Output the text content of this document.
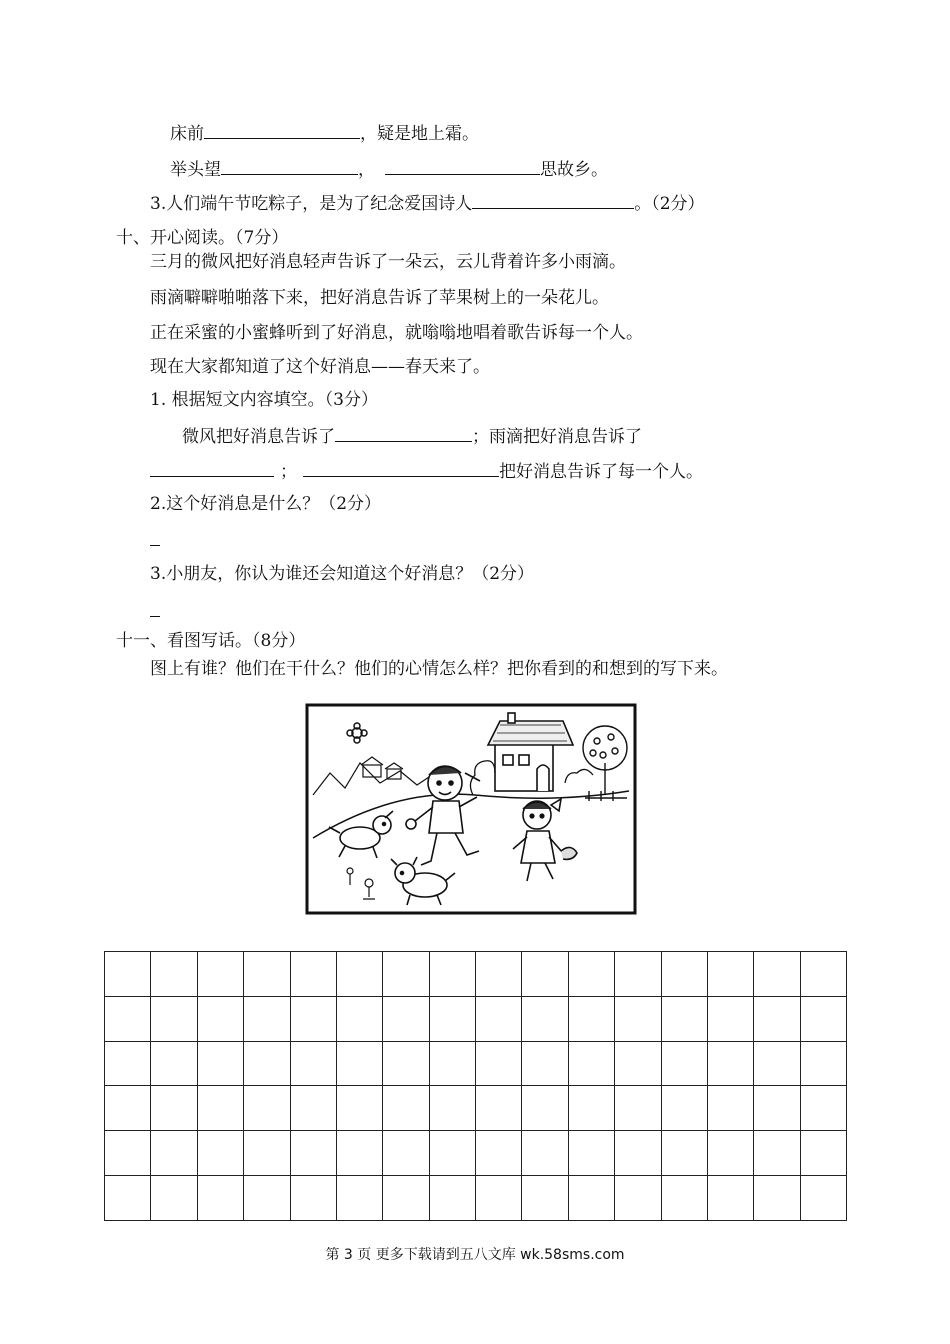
床前	，疑是地上霜。
举头望	，	思故乡。
3.人们端午节吃粽子，是为了纪念爱国诗人	。（2分）
十、开心阅读。（7分）
三月的微风把好消息轻声告诉了一朵云，云儿背着许多小雨滴。
雨滴噼噼啪啪落下来，把好消息告诉了苹果树上的一朵花儿。
正在采蜜的小蜜蜂听到了好消息，就嗡嗡地唱着歌告诉每一个人。
现在大家都知道了这个好消息——春天来了。
1. 根据短文内容填空。（3分）
微风把好消息告诉了	；雨滴把好消息告诉了
；	把好消息告诉了每一个人。
2.这个好消息是什么？（2分）
3.小朋友，你认为谁还会知道这个好消息？（2分）
十一、看图写话。（8分）
图上有谁？他们在干什么？他们的心情怎么样？把你看到的和想到的写下来。

第 3 页 更多下载请到五八文库 wk.58sms.com
